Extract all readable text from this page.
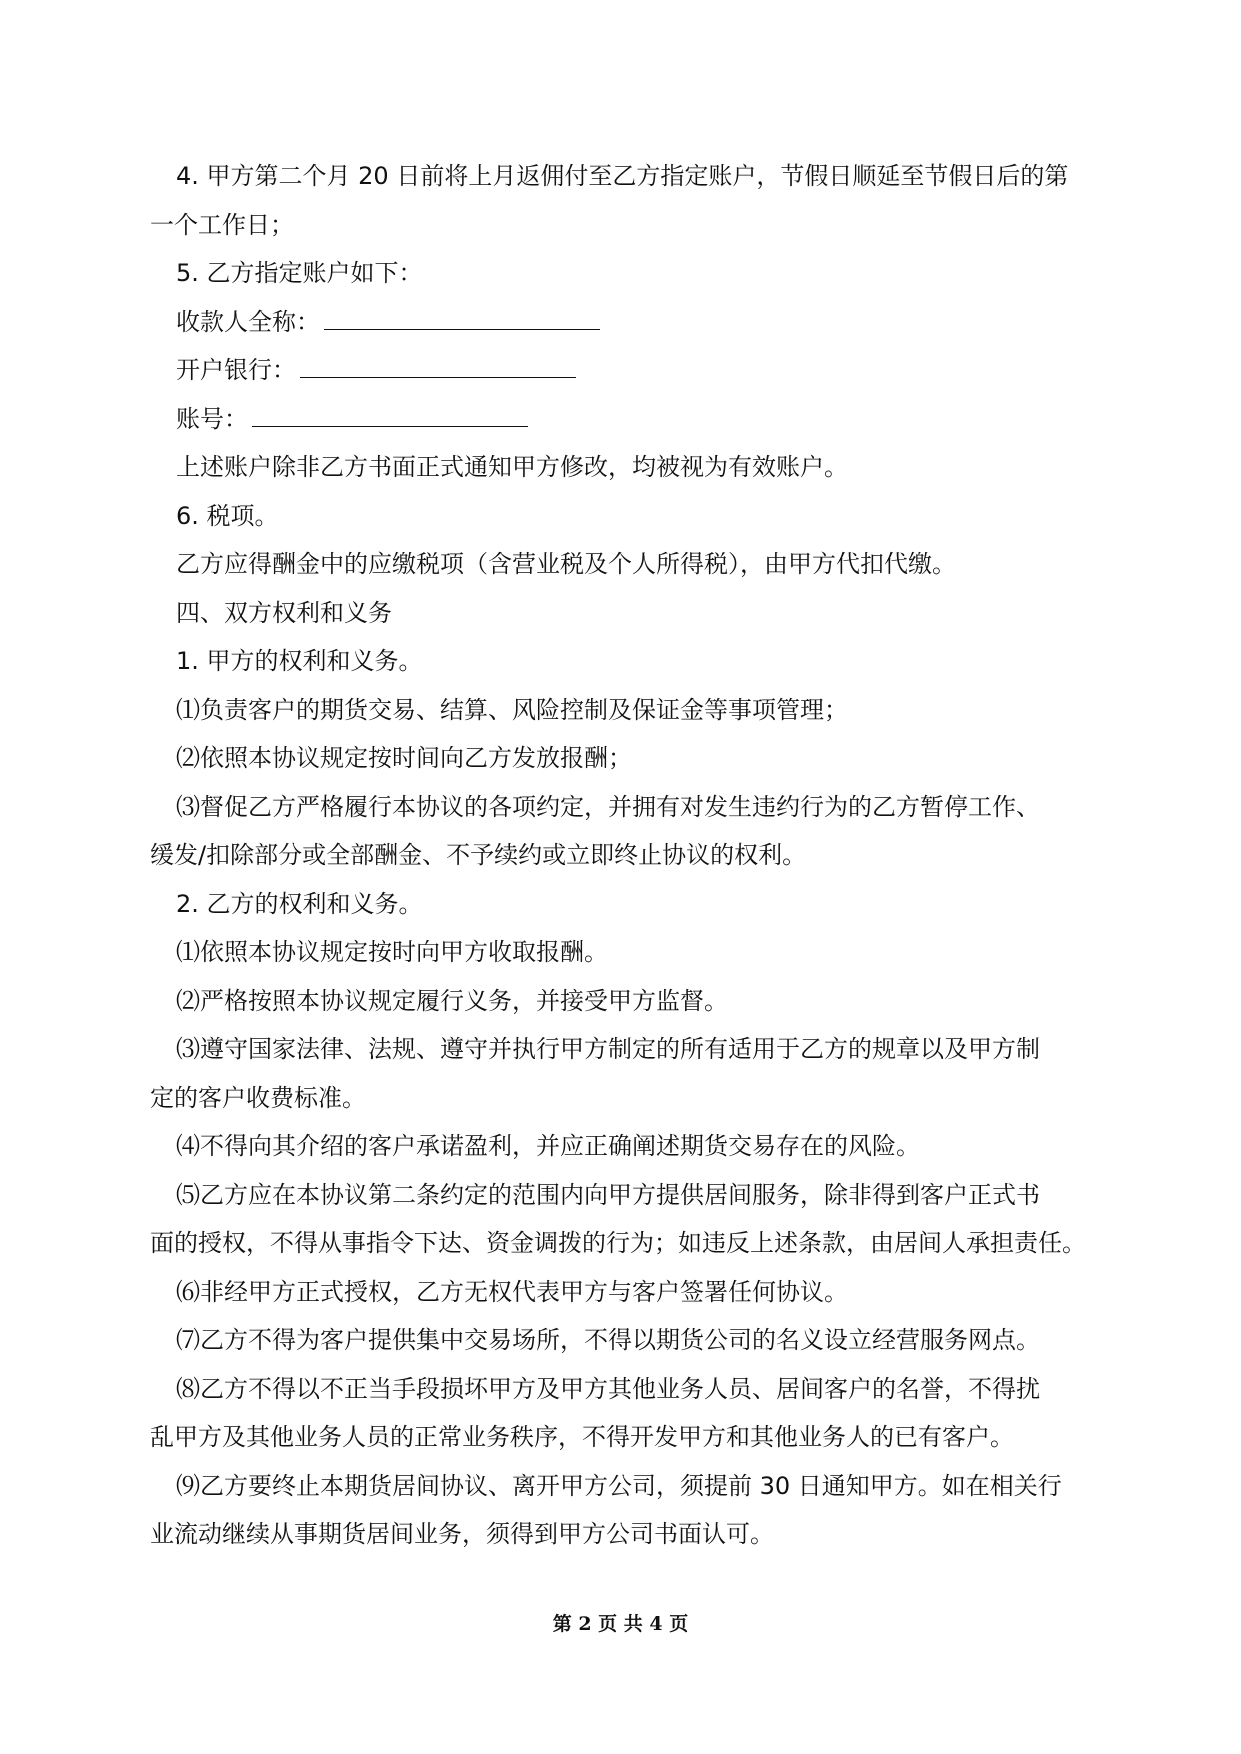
4. 甲方第二个月 20 日前将上月返佣付至乙方指定账户，节假日顺延至节假日后的第
一个工作日；
5. 乙方指定账户如下：
收款人全称：
开户银行：
账号：
上述账户除非乙方书面正式通知甲方修改，均被视为有效账户。
6. 税项。
乙方应得酬金中的应缴税项（含营业税及个人所得税），由甲方代扣代缴。
四、双方权利和义务
1. 甲方的权利和义务。
⑴负责客户的期货交易、结算、风险控制及保证金等事项管理；
⑵依照本协议规定按时间向乙方发放报酬；
⑶督促乙方严格履行本协议的各项约定，并拥有对发生违约行为的乙方暂停工作、
缓发/扣除部分或全部酬金、不予续约或立即终止协议的权利。
2. 乙方的权利和义务。
⑴依照本协议规定按时向甲方收取报酬。
⑵严格按照本协议规定履行义务，并接受甲方监督。
⑶遵守国家法律、法规、遵守并执行甲方制定的所有适用于乙方的规章以及甲方制
定的客户收费标准。
⑷不得向其介绍的客户承诺盈利，并应正确阐述期货交易存在的风险。
⑸乙方应在本协议第二条约定的范围内向甲方提供居间服务，除非得到客户正式书
面的授权，不得从事指令下达、资金调拨的行为；如违反上述条款，由居间人承担责任。
⑹非经甲方正式授权，乙方无权代表甲方与客户签署任何协议。
⑺乙方不得为客户提供集中交易场所，不得以期货公司的名义设立经营服务网点。
⑻乙方不得以不正当手段损坏甲方及甲方其他业务人员、居间客户的名誉，不得扰
乱甲方及其他业务人员的正常业务秩序，不得开发甲方和其他业务人的已有客户。
⑼乙方要终止本期货居间协议、离开甲方公司，须提前 30 日通知甲方。如在相关行
业流动继续从事期货居间业务，须得到甲方公司书面认可。
第 2 页 共 4 页
